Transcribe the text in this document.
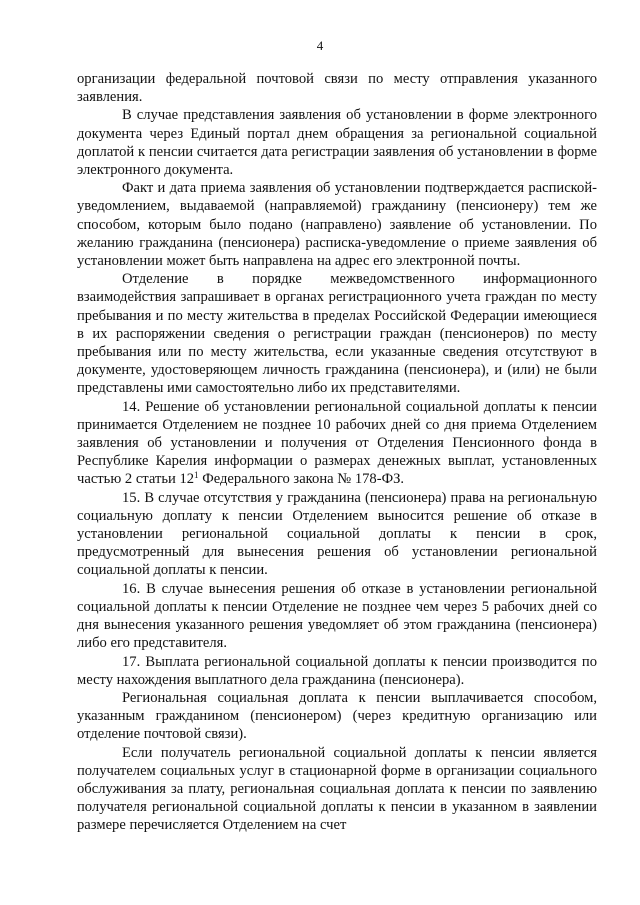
4

организации федеральной почтовой связи по месту отправления указанного заявления.

В случае представления заявления об установлении в форме электронного документа через Единый портал днем обращения за региональной социальной доплатой к пенсии считается дата регистрации заявления об установлении в форме электронного документа.

Факт и дата приема заявления об установлении подтверждается распиской-уведомлением, выдаваемой (направляемой) гражданину (пенсионеру) тем же способом, которым было подано (направлено) заявление об установлении. По желанию гражданина (пенсионера) расписка-уведомление о приеме заявления об установлении может быть направлена на адрес его электронной почты.

Отделение в порядке межведомственного информационного взаимодействия запрашивает в органах регистрационного учета граждан по месту пребывания и по месту жительства в пределах Российской Федерации имеющиеся в их распоряжении сведения о регистрации граждан (пенсионеров) по месту пребывания или по месту жительства, если указанные сведения отсутствуют в документе, удостоверяющем личность гражданина (пенсионера), и (или) не были представлены ими самостоятельно либо их представителями.

14. Решение об установлении региональной социальной доплаты к пенсии принимается Отделением не позднее 10 рабочих дней со дня приема Отделением заявления об установлении и получения от Отделения Пенсионного фонда в Республике Карелия информации о размерах денежных выплат, установленных частью 2 статьи $12^1$ Федерального закона № 178-ФЗ.

15. В случае отсутствия у гражданина (пенсионера) права на региональную социальную доплату к пенсии Отделением выносится решение об отказе в установлении региональной социальной доплаты к пенсии в срок, предусмотренный для вынесения решения об установлении региональной социальной доплаты к пенсии.

16. В случае вынесения решения об отказе в установлении региональной социальной доплаты к пенсии Отделение не позднее чем через 5 рабочих дней со дня вынесения указанного решения уведомляет об этом гражданина (пенсионера) либо его представителя.

17. Выплата региональной социальной доплаты к пенсии производится по месту нахождения выплатного дела гражданина (пенсионера).

Региональная социальная доплата к пенсии выплачивается способом, указанным гражданином (пенсионером) (через кредитную организацию или отделение почтовой связи).

Если получатель региональной социальной доплаты к пенсии является получателем социальных услуг в стационарной форме в организации социального обслуживания за плату, региональная социальная доплата к пенсии по заявлению получателя региональной социальной доплаты к пенсии в указанном в заявлении размере перечисляется Отделением на счет
